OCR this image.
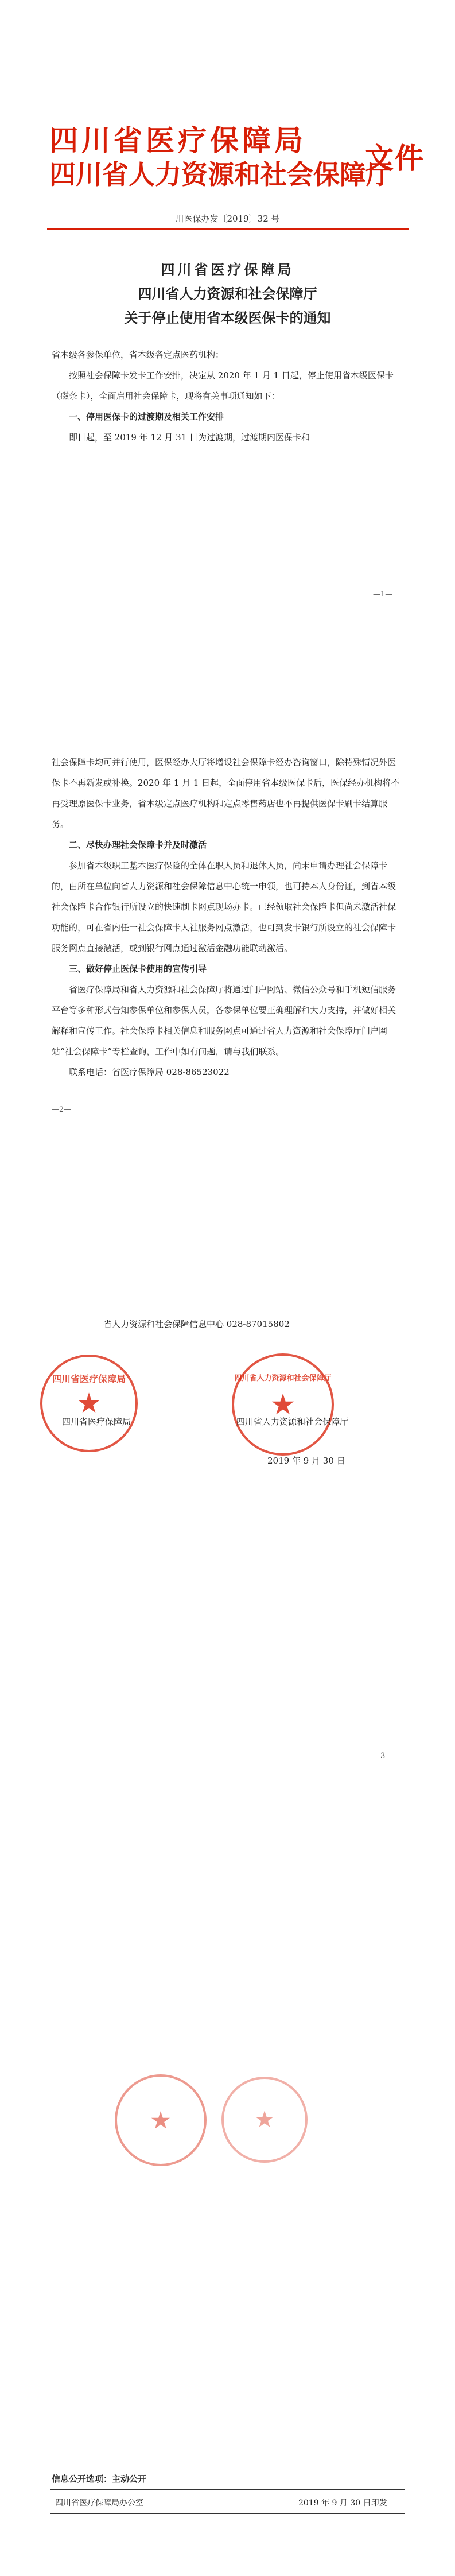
四川省医疗保障局
四川省人力资源和社会保障厅
文件
川医保办发〔2019〕32 号
四川省医疗保障局
四川省人力资源和社会保障厅
关于停止使用省本级医保卡的通知

省本级各参保单位，省本级各定点医药机构：

按照社会保障卡发卡工作安排，决定从 2020 年 1 月 1 日起，停止使用省本级医保卡（磁条卡），全面启用社会保障卡，现将有关事项通知如下：

一、停用医保卡的过渡期及相关工作安排

即日起，至 2019 年 12 月 31 日为过渡期，过渡期内医保卡和

—1—

社会保障卡均可并行使用，医保经办大厅将增设社会保障卡经办咨询窗口，除特殊情况外医保卡不再新发或补换。2020 年 1 月 1 日起，全面停用省本级医保卡后，医保经办机构将不再受理原医保卡业务，省本级定点医疗机构和定点零售药店也不再提供医保卡刷卡结算服务。

二、尽快办理社会保障卡并及时激活

参加省本级职工基本医疗保险的全体在职人员和退休人员，尚未申请办理社会保障卡的，由所在单位向省人力资源和社会保障信息中心统一申领，也可持本人身份证，到省本级社会保障卡合作银行所设立的快速制卡网点现场办卡。已经领取社会保障卡但尚未激活社保功能的，可在省内任一社会保障卡人社服务网点激活，也可到发卡银行所设立的社会保障卡服务网点直接激活，或到银行网点通过激活金融功能联动激活。

三、做好停止医保卡使用的宣传引导

省医疗保障局和省人力资源和社会保障厅将通过门户网站、微信公众号和手机短信服务平台等多种形式告知参保单位和参保人员，各参保单位要正确理解和大力支持，并做好相关解释和宣传工作。社会保障卡相关信息和服务网点可通过省人力资源和社会保障厅门户网站“社会保障卡”专栏查询，工作中如有问题，请与我们联系。

联系电话：省医疗保障局 028-86523022

—2—
省人力资源和社会保障信息中心 028-87015802
四川省医疗保障局
★
四川省人力资源和社会保障厅
★
四川省医疗保障局	四川省人力资源和社会保障厅
2019 年 9 月 30 日
—3—
★	★
信息公开选项：主动公开
四川省医疗保障局办公室	2019 年 9 月 30 日印发
